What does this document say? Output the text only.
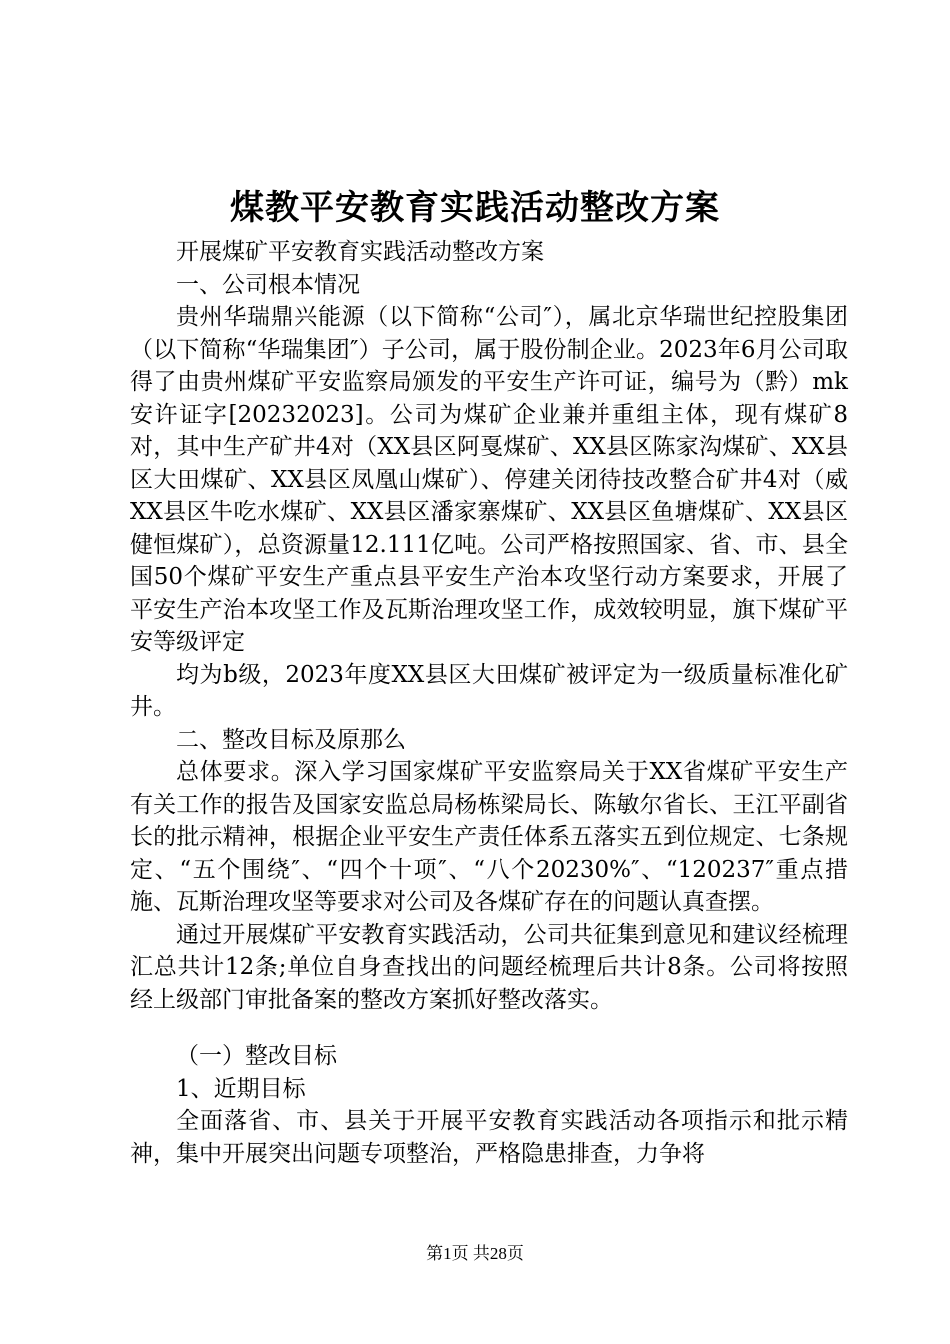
煤教平安教育实践活动整改方案

开展煤矿平安教育实践活动整改方案

一、公司根本情况

贵州华瑞鼎兴能源（以下简称“公司″），属北京华瑞世纪控股集团（以下简称“华瑞集团″）子公司，属于股份制企业。2023年6月公司取得了由贵州煤矿平安监察局颁发的平安生产许可证，编号为（黔）mk安许证字[20232023]。公司为煤矿企业兼并重组主体，现有煤矿8对，其中生产矿井4对（XX县区阿戛煤矿、XX县区陈家沟煤矿、XX县区大田煤矿、XX县区凤凰山煤矿）、停建关闭待技改整合矿井4对（威XX县区牛吃水煤矿、XX县区潘家寨煤矿、XX县区鱼塘煤矿、XX县区健恒煤矿），总资源量12.111亿吨。公司严格按照国家、省、市、县全国50个煤矿平安生产重点县平安生产治本攻坚行动方案要求，开展了平安生产治本攻坚工作及瓦斯治理攻坚工作，成效较明显，旗下煤矿平安等级评定

均为b级，2023年度XX县区大田煤矿被评定为一级质量标准化矿井。

二、整改目标及原那么

总体要求。深入学习国家煤矿平安监察局关于XX省煤矿平安生产有关工作的报告及国家安监总局杨栋梁局长、陈敏尔省长、王江平副省长的批示精神，根据企业平安生产责任体系五落实五到位规定、七条规定、“五个围绕″、“四个十项″、“八个20230%″、“120237″重点措施、瓦斯治理攻坚等要求对公司及各煤矿存在的问题认真查摆。

通过开展煤矿平安教育实践活动，公司共征集到意见和建议经梳理汇总共计12条;单位自身查找出的问题经梳理后共计8条。公司将按照经上级部门审批备案的整改方案抓好整改落实。

（一）整改目标

1、近期目标

全面落省、市、县关于开展平安教育实践活动各项指示和批示精神，集中开展突出问题专项整治，严格隐患排查，力争将

第1页 共28页
